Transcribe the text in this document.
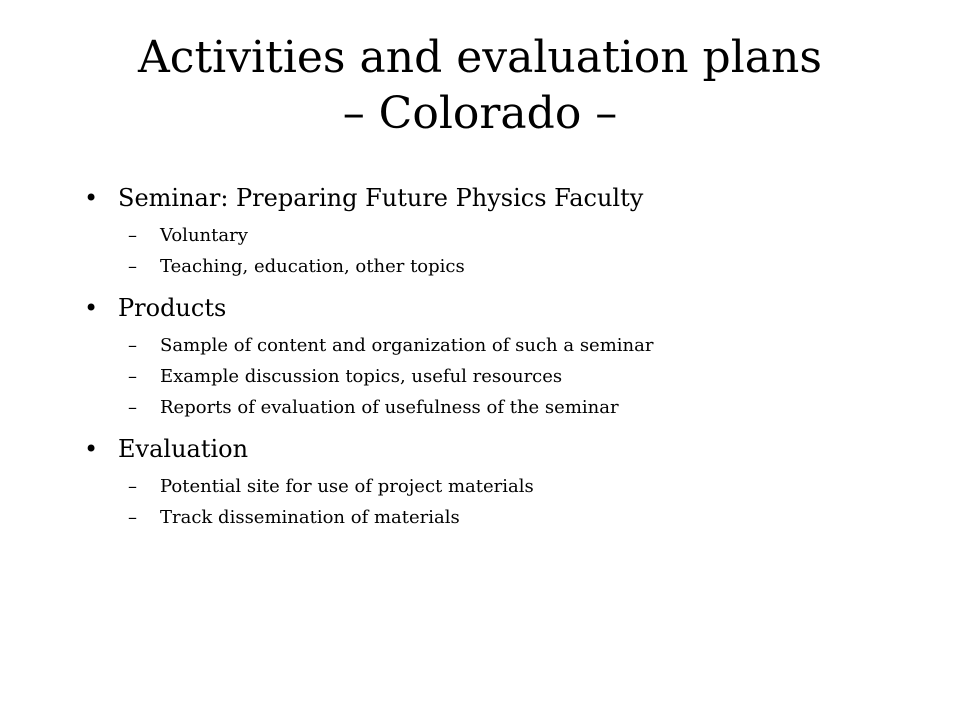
Activities and evaluation plans
– Colorado –

• Seminar: Preparing Future Physics Faculty

–	Voluntary

–	Teaching, education, other topics

• Products

–	Sample of content and organization of such a seminar

–	Example discussion topics, useful resources

–	Reports of evaluation of usefulness of the seminar

• Evaluation

–	Potential site for use of project materials

–	Track dissemination of materials
